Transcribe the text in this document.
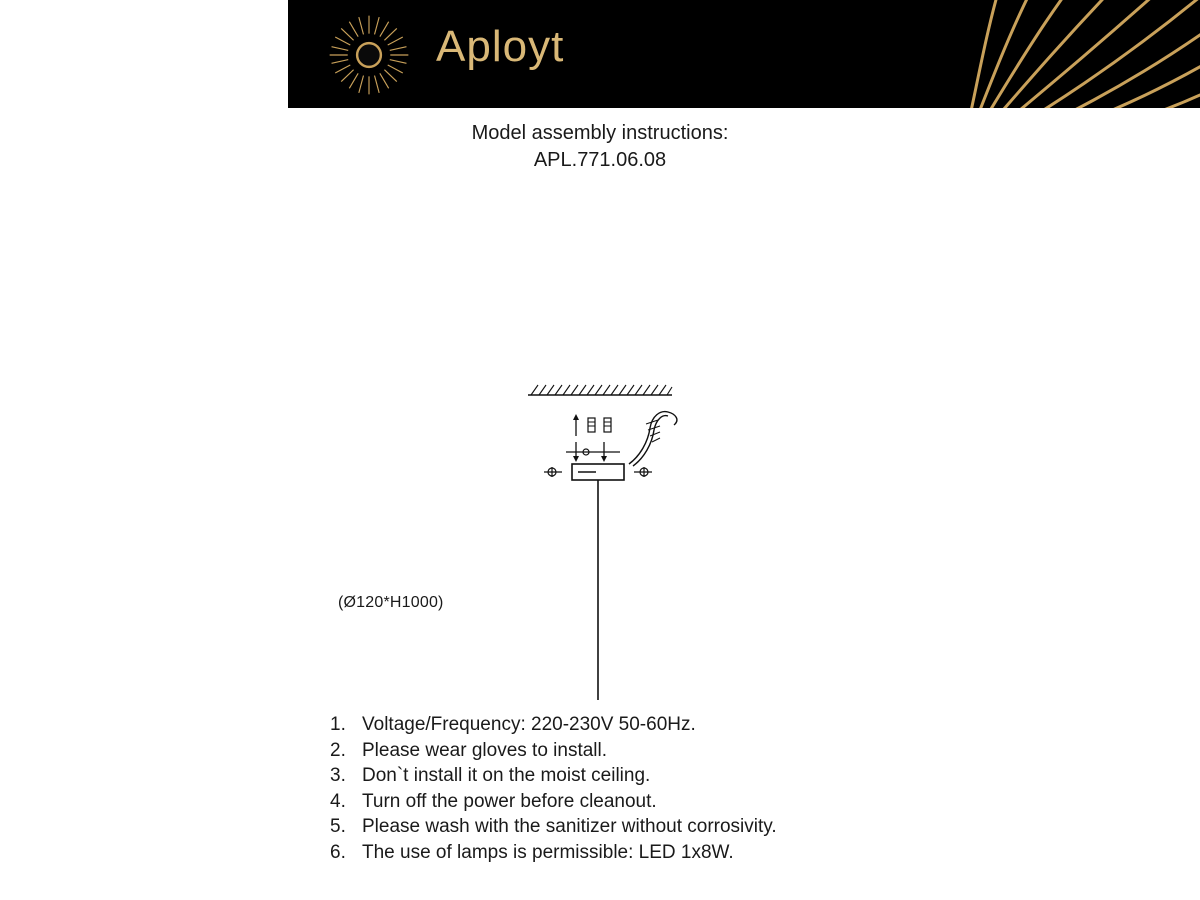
Aployt
Model assembly instructions:
APL.771.06.08
(Ø120*H1000)
1. Voltage/Frequency: 220-230V 50-60Hz.
2. Please wear gloves to install.
3. Don`t install it on the moist ceiling.
4. Turn off the power before cleanout.
5. Please wash with the sanitizer without corrosivity.
6. The use of lamps is permissible: LED 1x8W.
